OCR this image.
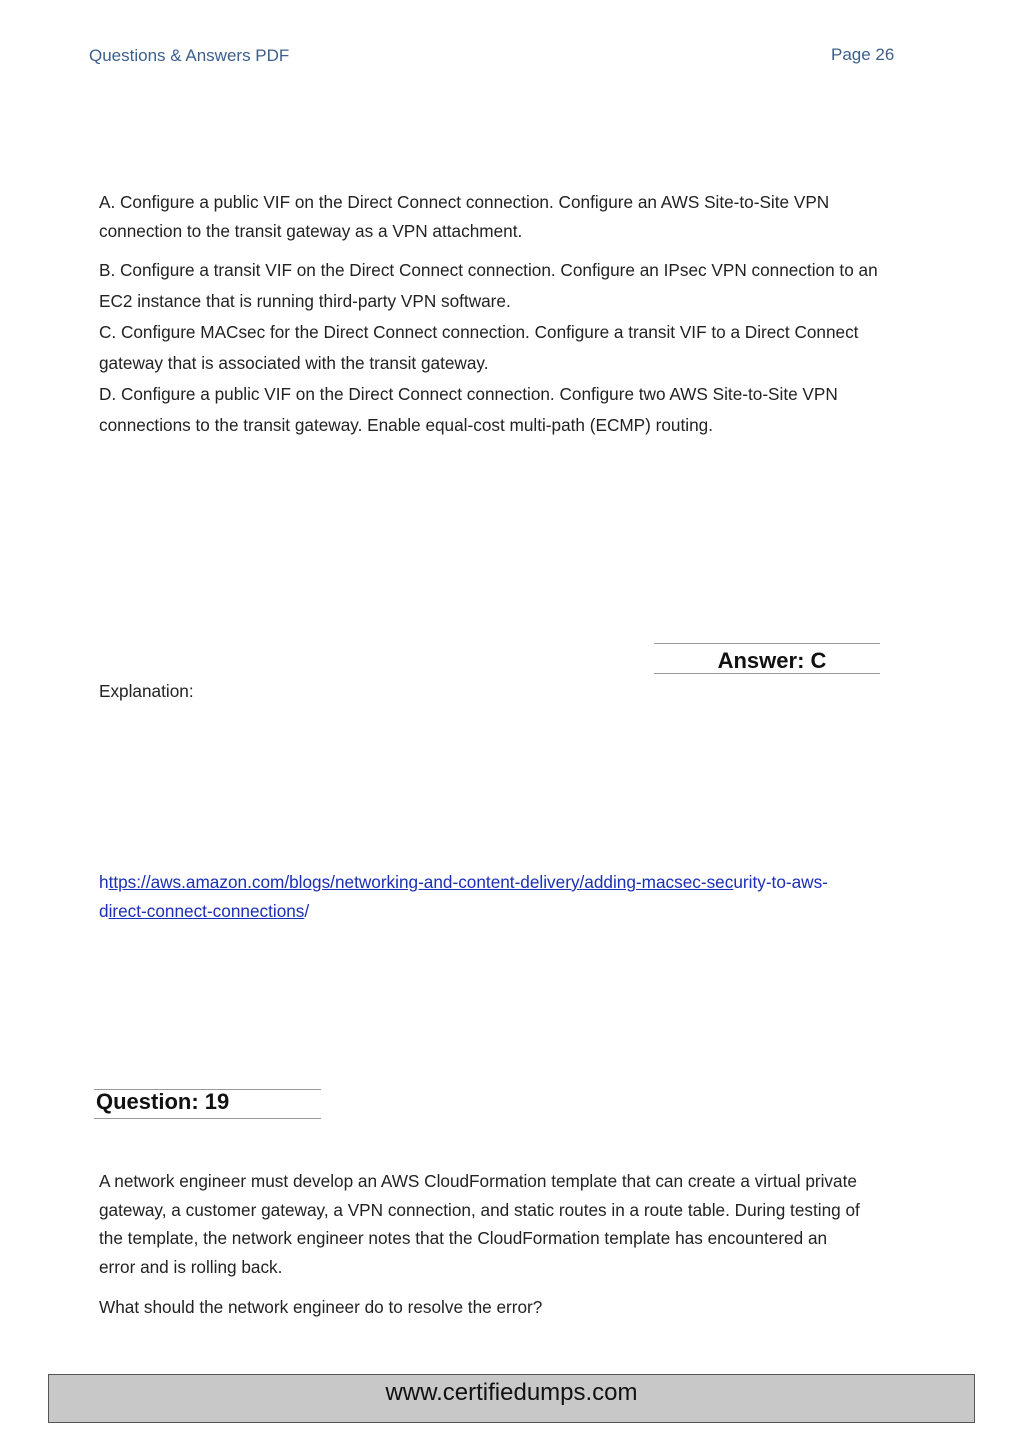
Questions & Answers PDF	Page 26

A. Configure a public VIF on the Direct Connect connection. Configure an AWS Site-to-Site VPN
connection to the transit gateway as a VPN attachment.

B. Configure a transit VIF on the Direct Connect connection. Configure an IPsec VPN connection to an
EC2 instance that is running third-party VPN software.

C. Configure MACsec for the Direct Connect connection. Configure a transit VIF to a Direct Connect
gateway that is associated with the transit gateway.

D. Configure a public VIF on the Direct Connect connection. Configure two AWS Site-to-Site VPN
connections to the transit gateway. Enable equal-cost multi-path (ECMP) routing.

Answer: C

Explanation:

https://aws.amazon.com/blogs/networking-and-content-delivery/adding-macsec-security-to-aws-
direct-connect-connections/
Question: 19

A network engineer must develop an AWS CloudFormation template that can create a virtual private
gateway, a customer gateway, a VPN connection, and static routes in a route table. During testing of
the template, the network engineer notes that the CloudFormation template has encountered an
error and is rolling back.

What should the network engineer do to resolve the error?

www.certifiedumps.com
